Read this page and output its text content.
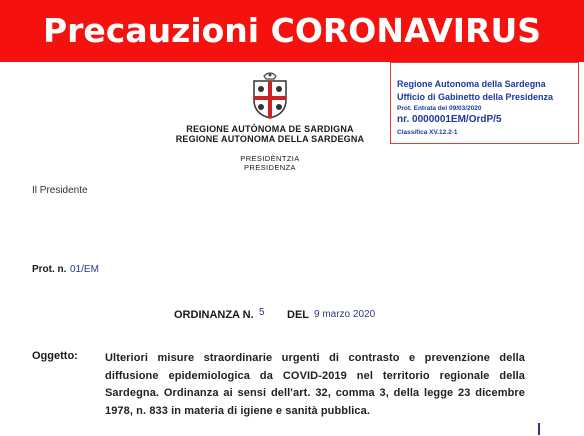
Precauzioni CORONAVIRUS
REGIONE AUTÒNOMA DE SARDIGNA
REGIONE AUTONOMA DELLA SARDEGNA
PRESIDÈNTZIA
PRESIDENZA
Regione Autonoma della Sardegna
Ufficio di Gabinetto della Presidenza
Prot. Entrata del 09/03/2020
nr. 0000001EM/OrdP/5
Classifica XV.12.2-1
Il Presidente
Prot. n. 01/EM
ORDINANZA N. 5 DEL 9 marzo 2020
Oggetto: Ulteriori misure straordinarie urgenti di contrasto e prevenzione della diffusione epidemiologica da COVID-2019 nel territorio regionale della Sardegna. Ordinanza ai sensi dell'art. 32, comma 3, della legge 23 dicembre 1978, n. 833 in materia di igiene e sanità pubblica.
